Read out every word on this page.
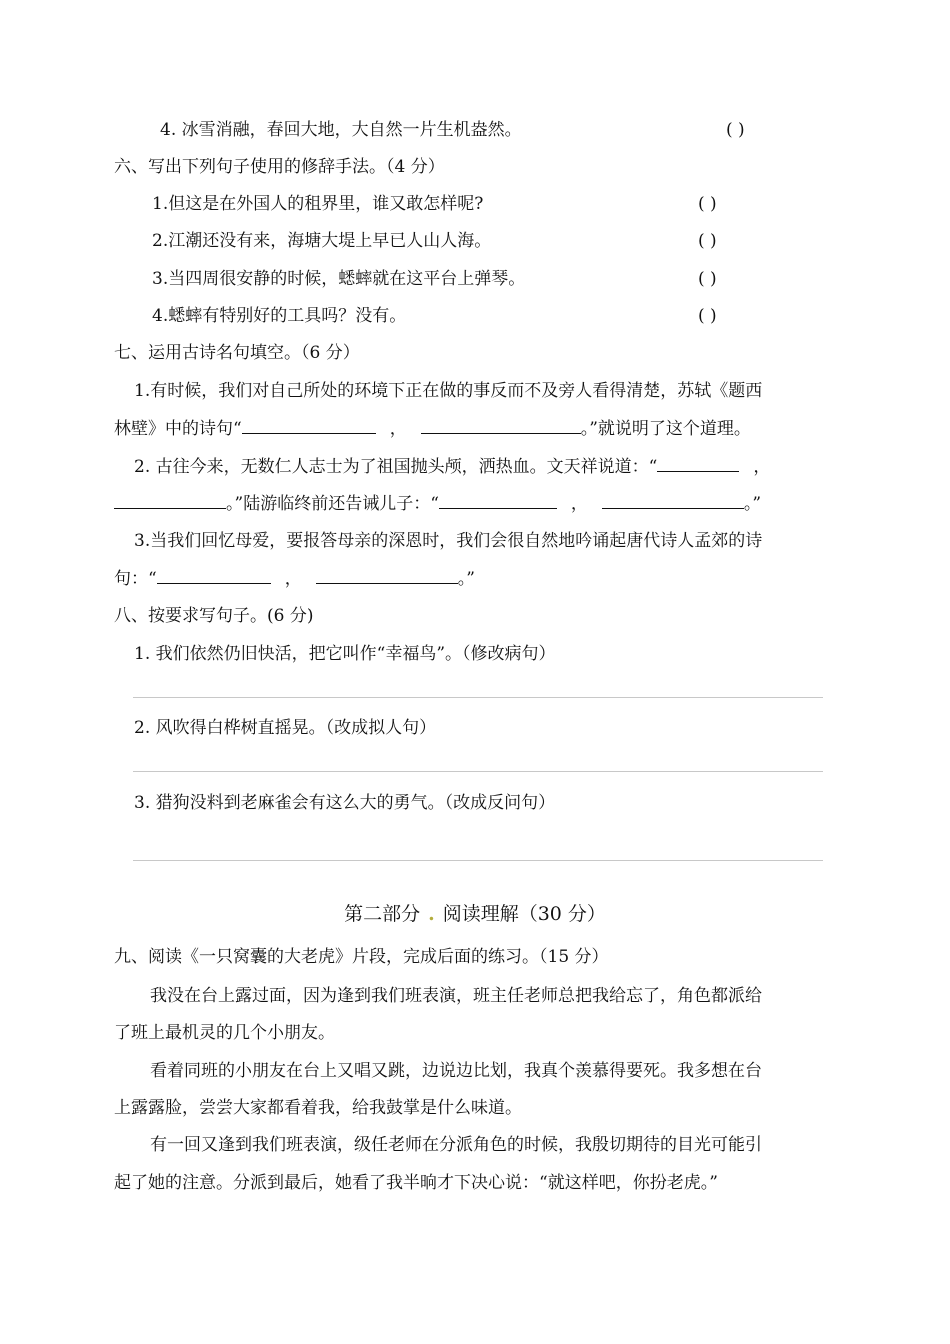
4. 冰雪消融，春回大地，大自然一片生机盎然。	( )
六、写出下列句子使用的修辞手法。（4 分）
1.但这是在外国人的租界里，谁又敢怎样呢?	( )
2.江潮还没有来，海塘大堤上早已人山人海。	( )
3.当四周很安静的时候，蟋蟀就在这平台上弹琴。	( )
4.蟋蟀有特别好的工具吗？没有。	( )
七、运用古诗名句填空。（6 分）
1.有时候，我们对自己所处的环境下正在做的事反而不及旁人看得清楚，苏轼《题西
林壁》中的诗句“	，	。”就说明了这个道理。
2. 古往今来，无数仁人志士为了祖国抛头颅，洒热血。文天祥说道：“	，
。”陆游临终前还告诫儿子：“	，	。”
3.当我们回忆母爱，要报答母亲的深恩时，我们会很自然地吟诵起唐代诗人孟郊的诗
句：“	，	。”
八、按要求写句子。(6 分)
1. 我们依然仍旧快活，把它叫作“幸福鸟”。（修改病句）
2. 风吹得白桦树直摇晃。（改成拟人句）
3. 猎狗没料到老麻雀会有这么大的勇气。（改成反问句）
第二部分 . 阅读理解（30 分）
九、阅读《一只窝囊的大老虎》片段，完成后面的练习。（15 分）
我没在台上露过面，因为逢到我们班表演，班主任老师总把我给忘了，角色都派给
了班上最机灵的几个小朋友。
看着同班的小朋友在台上又唱又跳，边说边比划，我真个羡慕得要死。我多想在台
上露露脸，尝尝大家都看着我，给我鼓掌是什么味道。
有一回又逢到我们班表演，级任老师在分派角色的时候，我殷切期待的目光可能引
起了她的注意。分派到最后，她看了我半晌才下决心说：“就这样吧，你扮老虎。”
